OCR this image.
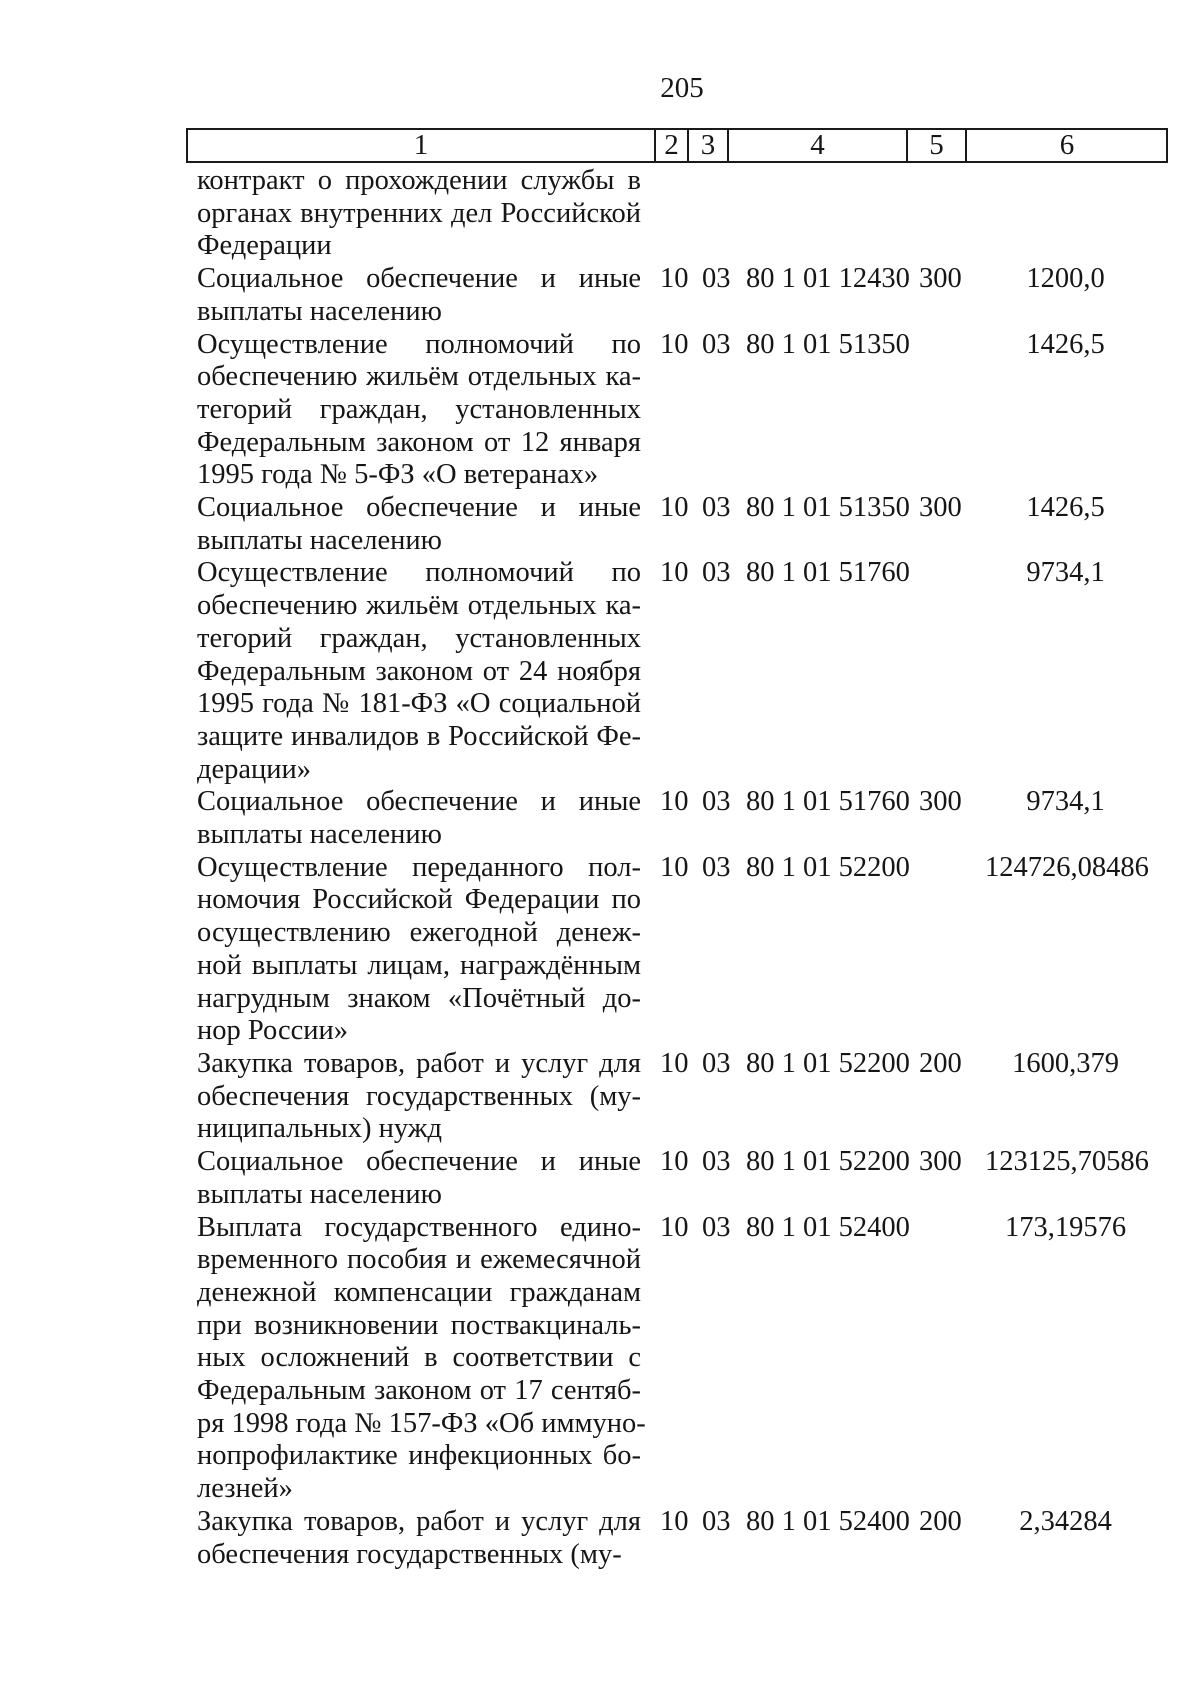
205
1	2 3	4	5	6
контракт о прохождении службы в
органах внутренних дел Российской
Федерации
Социальное обеспечение и иные
выплаты населению
10 03 80 1 01 12430 300	1200,0
Осуществление полномочий по
обеспечению жильём отдельных ка-
тегорий граждан, установленных
Федеральным законом от 12 января
1995 года № 5-ФЗ «О ветеранах»
10 03 80 1 01 51350	1426,5
Социальное обеспечение и иные
выплаты населению
10 03 80 1 01 51350 300	1426,5
Осуществление полномочий по
обеспечению жильём отдельных ка-
тегорий граждан, установленных
Федеральным законом от 24 ноября
1995 года № 181-ФЗ «О социальной
защите инвалидов в Российской Фе-
дерации»
10 03 80 1 01 51760	9734,1
Социальное обеспечение и иные
выплаты населению
10 03 80 1 01 51760 300	9734,1
Осуществление переданного пол-
номочия Российской Федерации по
осуществлению ежегодной денеж-
ной выплаты лицам, награждённым
нагрудным знаком «Почётный до-
нор России»
10 03 80 1 01 52200	124726,08486
Закупка товаров, работ и услуг для
обеспечения государственных (му-
ниципальных) нужд
10 03 80 1 01 52200 200	1600,379
Социальное обеспечение и иные
выплаты населению
10 03 80 1 01 52200 300 123125,70586
Выплата государственного едино-
временного пособия и ежемесячной
денежной компенсации гражданам
при возникновении поствакциналь-
ных осложнений в соответствии с
Федеральным законом от 17 сентяб-
ря 1998 года № 157-ФЗ «Об иммуно-
нопрофилактике инфекционных бо-
лезней»
10 03 80 1 01 52400	173,19576
Закупка товаров, работ и услуг для
обеспечения государственных (му-
10 03 80 1 01 52400 200	2,34284
